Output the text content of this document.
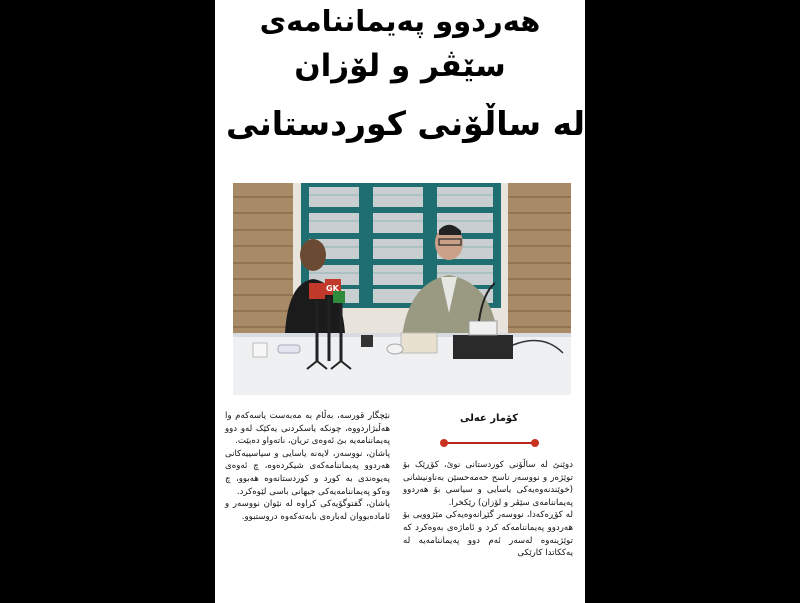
هەردوو پەیماننامەی
سێڤر و لۆزان
لە ساڵۆنی کوردستانی نوێ
GK
کۆمار عەلی

نێچگار قورسە، بەڵام بە مەبەست یاسەکەم وا هەڵبژاردووە، چونکە یاسکردنی یەکێک لەو دوو پەیماننامەیە بێ ئەوەی تریان، ناتەواو دەبێت.

پاشان، نووسەر، لایەنە یاسایی و سیاسییەکانی هەردوو پەیماننامەکەی شیکردەوە، چ ئەوەی پەیوەندی بە کورد و کوردستانەوە هەبوو، چ وەکو پەیماننامەیەکی جیهانی باسی لێوەکرد.

پاشان، گفتوگۆیەکی کراوە لە نێوان نووسەر و ئامادەبووان لەبارەی بابەتەکەوە دروستبوو.

دوێنێ لە ساڵۆنی کوردستانی نوێ، کۆڕێک بۆ توێژەر و نووسەر ناسح حەمەحسێن بەناونیشانی (خوێندنەوەیەکی یاسایی و سیاسی بۆ هەردوو پەیماننامەی سێڤر و لۆزان) رێکخرا.

لە کۆڕەکەدا، نووسەر گێڕانەوەیەکی مێژوویی بۆ هەردوو پەیماننامەکە کرد و ئاماژەی بەوەکرد کە توێژینەوە لەسەر ئەم دوو پەیماننامەیە لە یەککاتدا کارێکی
